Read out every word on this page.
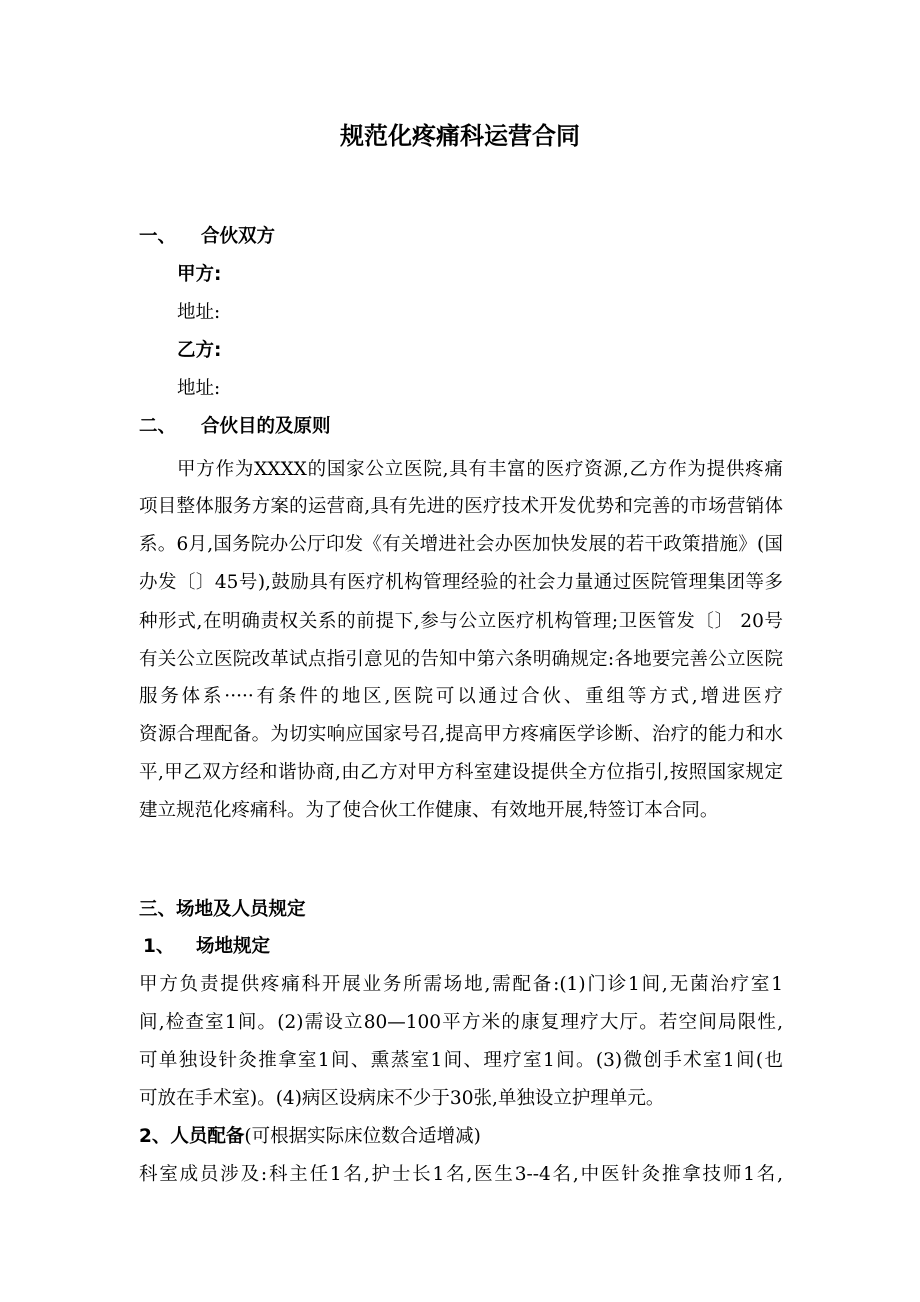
规范化疼痛科运营合同
一、 合伙双方
甲方:
地址:
乙方:
地址:
二、 合伙目的及原则
甲方作为XXXX的国家公立医院,具有丰富的医疗资源,乙方作为提供疼痛
项目整体服务方案的运营商,具有先进的医疗技术开发优势和完善的市场营销体
系。6月,国务院办公厅印发《有关增进社会办医加快发展的若干政策措施》(国
办发〔〕45号),鼓励具有医疗机构管理经验的社会力量通过医院管理集团等多
种形式,在明确责权关系的前提下,参与公立医疗机构管理;卫医管发〔〕 20号
有关公立医院改革试点指引意见的告知中第六条明确规定:各地要完善公立医院
服务体系·····有条件的地区,医院可以通过合伙、重组等方式,增进医疗
资源合理配备。为切实响应国家号召,提高甲方疼痛医学诊断、治疗的能力和水
平,甲乙双方经和谐协商,由乙方对甲方科室建设提供全方位指引,按照国家规定
建立规范化疼痛科。为了使合伙工作健康、有效地开展,特签订本合同。
三、场地及人员规定
1、 场地规定
甲方负责提供疼痛科开展业务所需场地,需配备:(1)门诊1间,无菌治疗室1
间,检查室1间。(2)需设立80—100平方米的康复理疗大厅。若空间局限性,
可单独设针灸推拿室1间、熏蒸室1间、理疗室1间。(3)微创手术室1间(也
可放在手术室)。(4)病区设病床不少于30张,单独设立护理单元。
2、人员配备(可根据实际床位数合适增减)
科室成员涉及:科主任1名,护士长1名,医生3--4名,中医针灸推拿技师1名,
